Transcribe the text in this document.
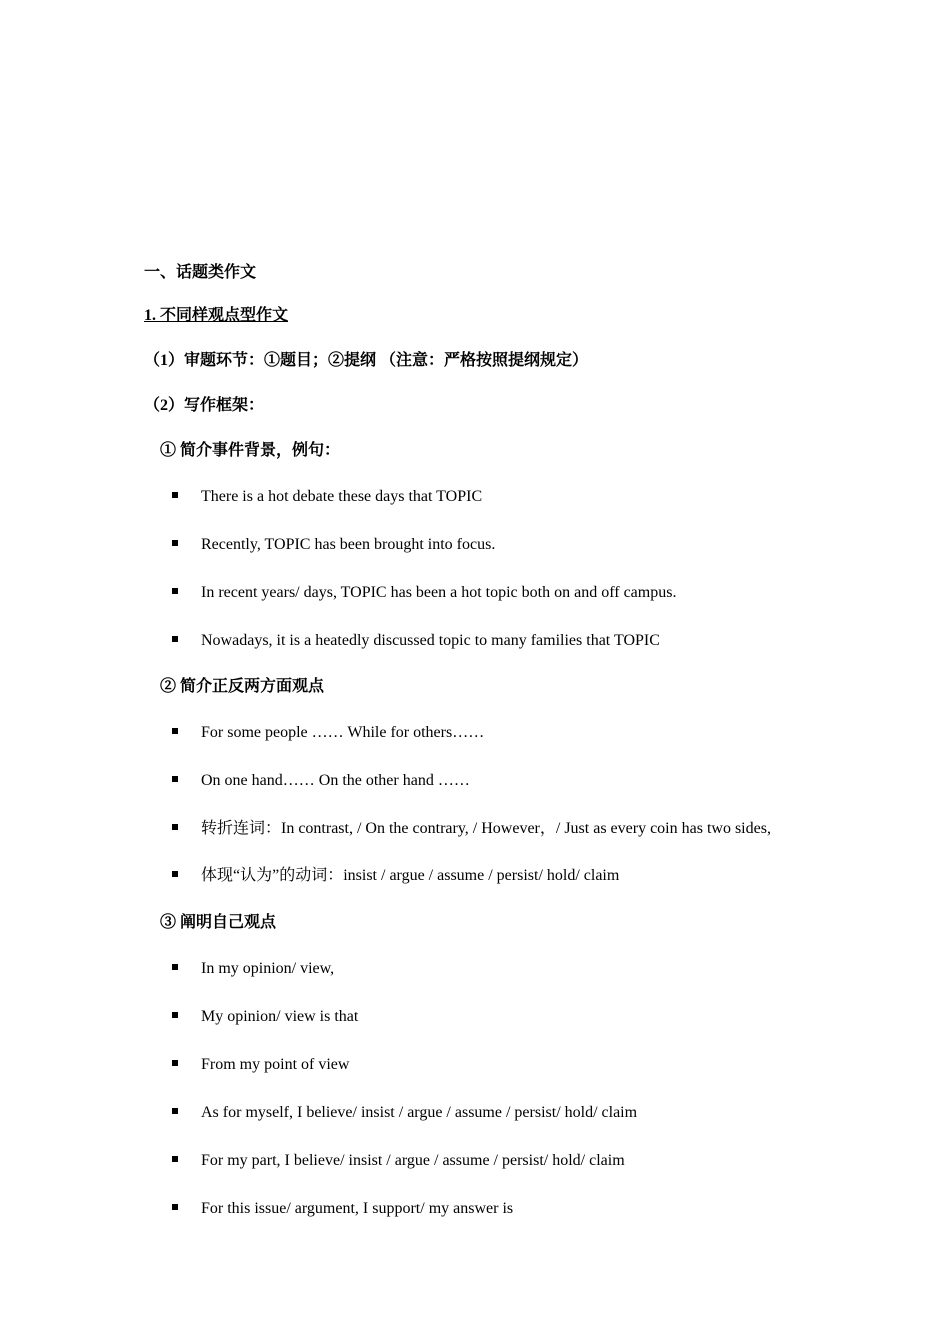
一、话题类作文
1. 不同样观点型作文
（1）审题环节：①题目；②提纲 （注意：严格按照提纲规定）
（2）写作框架：
① 简介事件背景，例句：
There is a hot debate these days that TOPIC
Recently, TOPIC has been brought into focus.
In recent years/ days, TOPIC has been a hot topic both on and off campus.
Nowadays, it is a heatedly discussed topic to many families that TOPIC
② 简介正反两方面观点
For some people …… While for others……
On one hand…… On the other hand ……
转折连词：In contrast, / On the contrary, / However，/ Just as every coin has two sides,
体现“认为”的动词：insist / argue / assume / persist/ hold/ claim
③ 阐明自己观点
In my opinion/ view,
My opinion/ view is that
From my point of view
As for myself, I believe/ insist / argue / assume / persist/ hold/ claim
For my part, I believe/ insist / argue / assume / persist/ hold/ claim
For this issue/ argument, I support/ my answer is
